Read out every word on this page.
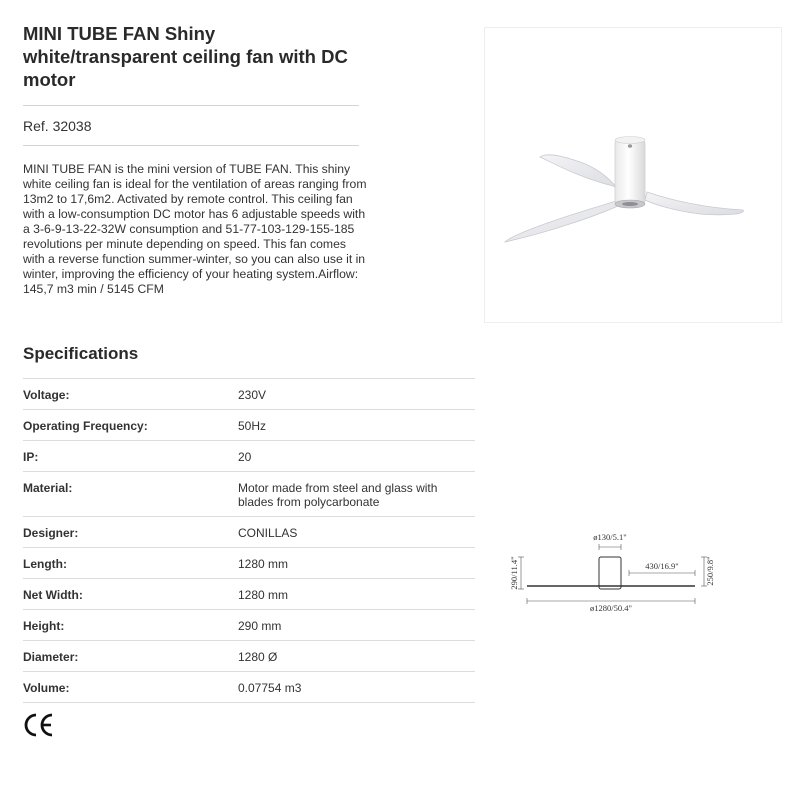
MINI TUBE FAN Shiny white/transparent ceiling fan with DC motor
Ref. 32038

MINI TUBE FAN is the mini version of TUBE FAN. This shiny white ceiling fan is ideal for the ventilation of areas ranging from 13m2 to 17,6m2. Activated by remote control. This ceiling fan with a low-consumption DC motor has 6 adjustable speeds with a 3-6-9-13-22-32W consumption and 51-77-103-129-155-185 revolutions per minute depending on speed. This fan comes with a reverse function summer-winter, so you can also use it in winter, improving the efficiency of your heating system.Airflow: 145,7 m3 min / 5145 CFM

Specifications
Voltage:	230V
Operating Frequency:	50Hz
IP:	20
Material:	Motor made from steel and glass with blades from polycarbonate
Designer:	CONILLAS
Length:	1280 mm
Net Width:	1280 mm
Height:	290 mm
Diameter:	1280 Ø
Volume:	0.07754 m3
ø130/5.1"
290/11.4"	430/16.9"	250/9.8"
ø1280/50.4"
